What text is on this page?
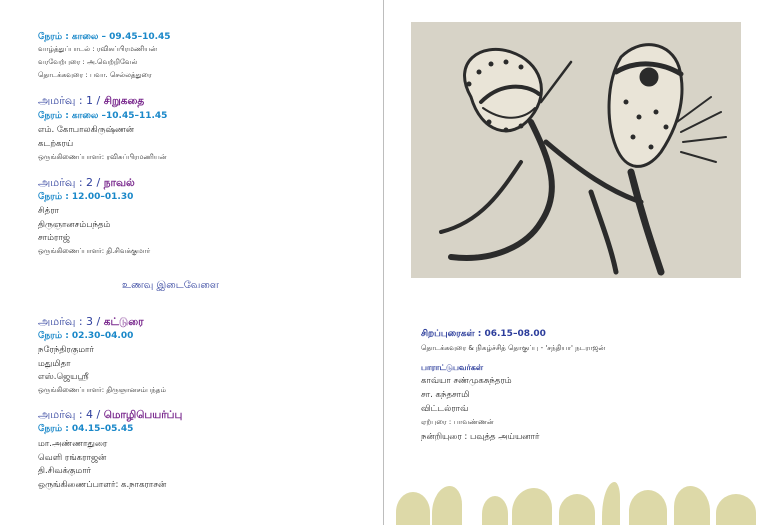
நேரம் : காலை – 09.45–10.45
வாழ்த்துப்பாடல் : ரவிசுப்பிரமணியன்
வரவேற்புரை : அ.வெற்றிவேல்
தொடக்கவுரை : பவா. செல்லத்துரை
அமர்வு : 1 / சிறுகதை
நேரம் : காலை –10.45–11.45
எம். கோபாலகிருஷ்ணன்
கடற்கரய்
ஒருங்கிணைப்பாளர்: ரவிசுப்பிரமணியன்
அமர்வு : 2 / நாவல்
நேரம் : 12.00–01.30
சித்ரா
திருஞானசம்பந்தம்
சாம்ராஜ்
ஒருங்கிணைப்பாளர்: தி.சிவக்குமார்
உணவு இடைவேளை
அமர்வு : 3 / கட்டுரை
நேரம் : 02.30–04.00
நரேந்திரகுமார்
மதுமிதா
எஸ்.ஜெயஸ்ரீ
ஒருங்கிணைப்பாளர்: திருஞானசம்பந்தம்
அமர்வு : 4 / மொழிபெயர்ப்பு
நேரம் : 04.15–05.45
மா.அண்ணாதுரை
வெளி ரங்கராஜன்
தி.சிவக்குமார்
ஒருங்கிணைப்பாளர்: க.நாகராசன்
சிறப்புரைகள் : 06.15–08.00
தொடக்கவுரை & நிகழ்ச்சித் தொகுப்பு - 'சந்தியா' நடராஜன்
பாராட்டுபவர்கள்
காவ்யா சண்முகசுந்தரம்
சா. கந்தசாமி
விட்டல்ராவ்
ஏற்புரை : பாவண்ணன்
நன்றியுரை : பவுத்த அய்யனார்
